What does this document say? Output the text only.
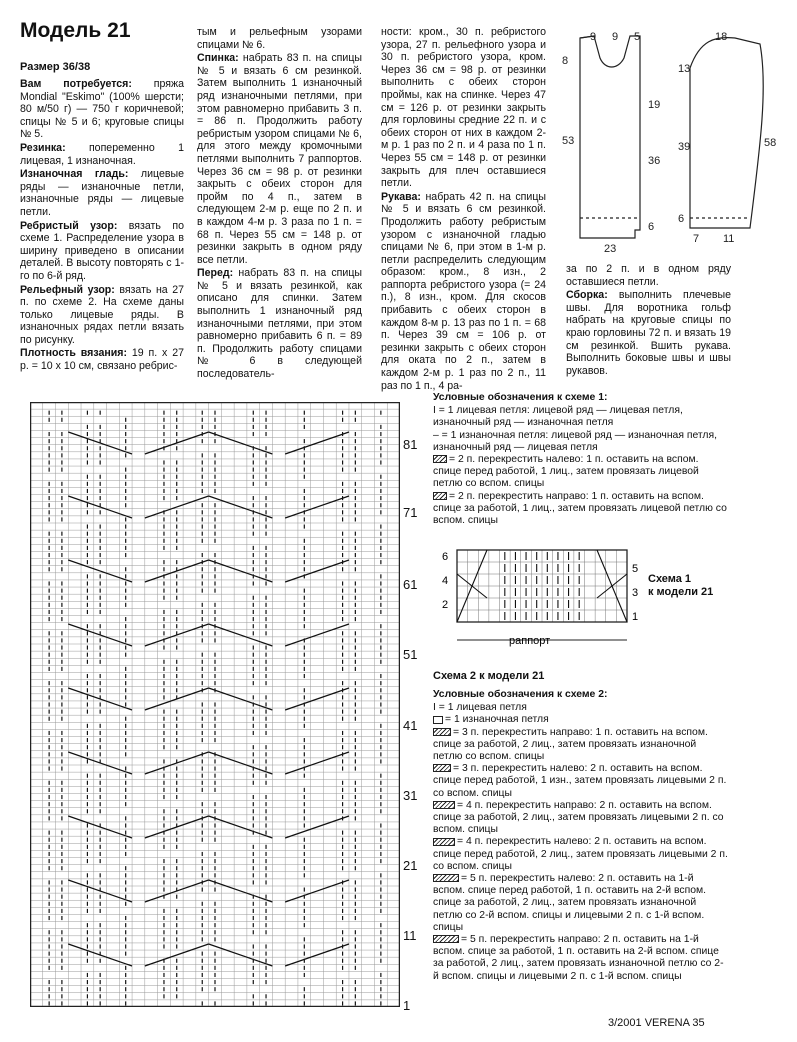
Модель 21
Размер 36/38

Вам потребуется: пряжа Mondial "Eskimo" (100% шерсти; 80 м/50 г) — 750 г коричневой; спицы № 5 и 6; круговые спицы № 5.

Резинка: попеременно 1 лицевая, 1 изнаночная.

Изнаночная гладь: лицевые ряды — изнаночные петли, изнаночные ряды — лицевые петли.

Ребристый узор: вязать по схеме 1. Распределение узора в ширину приведено в описании деталей. В высоту повторять с 1-го по 6-й ряд.

Рельефный узор: вязать на 27 п. по схеме 2. На схеме даны только лицевые ряды. В изнаночных рядах петли вязать по рисунку.

Плотность вязания: 19 п. х 27 р. = 10 х 10 см, связано ребрис-

тым и рельефным узорами спицами № 6.

Спинка: набрать 83 п. на спицы № 5 и вязать 6 см резинкой. Затем выполнить 1 изнаночный ряд изнаночными петлями, при этом равномерно прибавить 3 п. = 86 п. Продолжить работу ребристым узором спицами № 6, для этого между кромочными петлями выполнить 7 раппортов. Через 36 см = 98 р. от резинки закрыть с обеих сторон для пройм по 4 п., затем в следующем 2-м р. еще по 2 п. и в каждом 4-м р. 3 раза по 1 п. = 68 п. Через 55 см = 148 р. от резинки закрыть в одном ряду все петли.

Перед: набрать 83 п. на спицы № 5 и вязать резинкой, как описано для спинки. Затем выполнить 1 изнаночный ряд изнаночными петлями, при этом равномерно прибавить 6 п. = 89 п. Продолжить работу спицами № 6 в следующей последователь-

ности: кром., 30 п. ребристого узора, 27 п. рельефного узора и 30 п. ребристого узора, кром. Через 36 см = 98 р. от резинки выполнить с обеих сторон проймы, как на спинке. Через 47 см = 126 р. от резинки закрыть для горловины средние 22 п. и с обеих сторон от них в каждом 2-м р. 1 раз по 2 п. и 4 раза по 1 п. Через 55 см = 148 р. от резинки закрыть для плеч оставшиеся петли.

Рукава: набрать 42 п. на спицы № 5 и вязать 6 см резинкой. Продолжить работу ребристым узором с изнаночной гладью спицами № 6, при этом в 1-м р. петли распределить следующим образом: кром., 8 изн., 2 раппорта ребристого узора (= 24 п.), 8 изн., кром. Для скосов прибавить с обеих сторон в каждом 8-м р. 13 раз по 1 п. = 68 п. Через 39 см = 106 р. от резинки закрыть с обеих сторон для оката по 2 п., затем в каждом 2-м р. 1 раз по 2 п., 11 раз по 1 п., 4 ра-

за по 2 п. и в одном ряду оставшиеся петли.

Сборка: выполнить плечевые швы. Для воротника гольф набрать на круговые спицы по краю горловины 72 п. и вязать 19 см резинкой. Вшить рукава. Выполнить боковые швы и швы рукавов.

9 9 5
8
19
53
36
6
23
18
13
39	58
6
7 11
81
71
61
51
41
31
21
11
1
Условные обозначения к схеме 1:

I = 1 лицевая петля: лицевой ряд — лицевая петля, изнаночный ряд — изнаночная петля

– = 1 изнаночная петля: лицевой ряд — изнаночная петля, изнаночный ряд — лицевая петля

= 2 п. перекрестить налево: 1 п. оставить на вспом. спице перед работой, 1 лиц., затем провязать лицевой петлю со вспом. спицы

= 2 п. перекрестить направо: 1 п. оставить на вспом. спице за работой, 1 лиц., затем провязать лицевой петлю со вспом. спицы

6
4
2
5
3
1
раппорт
Схема 1
к модели 21
Схема 2 к модели 21
Условные обозначения к схеме 2:

I = 1 лицевая петля

= 1 изнаночная петля

= 3 п. перекрестить направо: 1 п. оставить на вспом. спице за работой, 2 лиц., затем провязать изнаночной петлю со вспом. спицы

= 3 п. перекрестить налево: 2 п. оставить на вспом. спице перед работой, 1 изн., затем провязать лицевыми 2 п. со вспом. спицы

= 4 п. перекрестить направо: 2 п. оставить на вспом. спице за работой, 2 лиц., затем провязать лицевыми 2 п. со вспом. спицы

= 4 п. перекрестить налево: 2 п. оставить на вспом. спице перед работой, 2 лиц., затем провязать лицевыми 2 п. со вспом. спицы

= 5 п. перекрестить налево: 2 п. оставить на 1-й вспом. спице перед работой, 1 п. оставить на 2-й вспом. спице за работой, 2 лиц., затем провязать изнаночной петлю со 2-й вспом. спицы и лицевыми 2 п. с 1-й вспом. спицы

= 5 п. перекрестить направо: 2 п. оставить на 1-й вспом. спице за работой, 1 п. оставить на 2-й вспом. спице за работой, 2 лиц., затем провязать изнаночной петлю со 2-й вспом. спицы и лицевыми 2 п. с 1-й вспом. спицы

3/2001 VERENA 35
